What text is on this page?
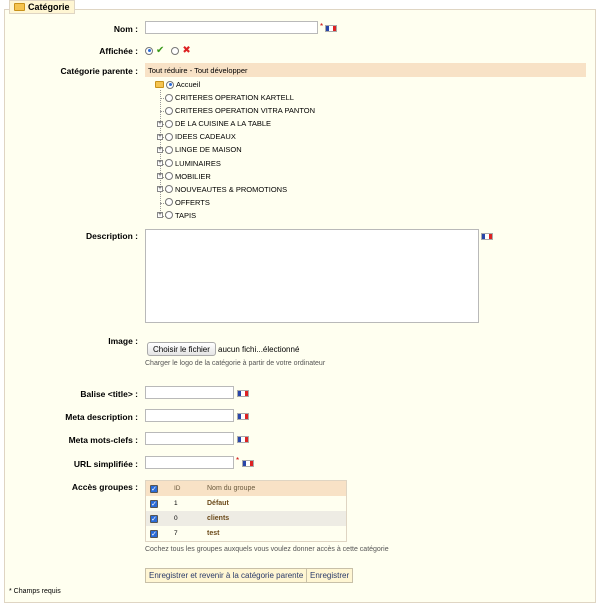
Catégorie
Nom :	*
Affichée : ✔ ✖
Catégorie parente : Tout réduire - Tout développer
Accueil
CRITERES OPERATION KARTELL
CRITERES OPERATION VITRA PANTON
+ DE LA CUISINE A LA TABLE
+ IDEES CADEAUX
+ LINGE DE MAISON
+ LUMINAIRES
+ MOBILIER
+ NOUVEAUTES & PROMOTIONS
OFFERTS
+ TAPIS
Description :
Image :
Choisir le fichier	aucun fichi...électionné
Charger le logo de la catégorie à partir de votre ordinateur
Balise <title> :
Meta description :
Meta mots-clefs :
URL simplifiée :	*
Accès groupes :	✓	ID	Nom du groupe
✓	1	Défaut
✓	0	clients
✓	7	test
Cochez tous les groupes auxquels vous voulez donner accès à cette catégorie
Enregistrer et revenir à la catégorie parente Enregistrer
* Champs requis
